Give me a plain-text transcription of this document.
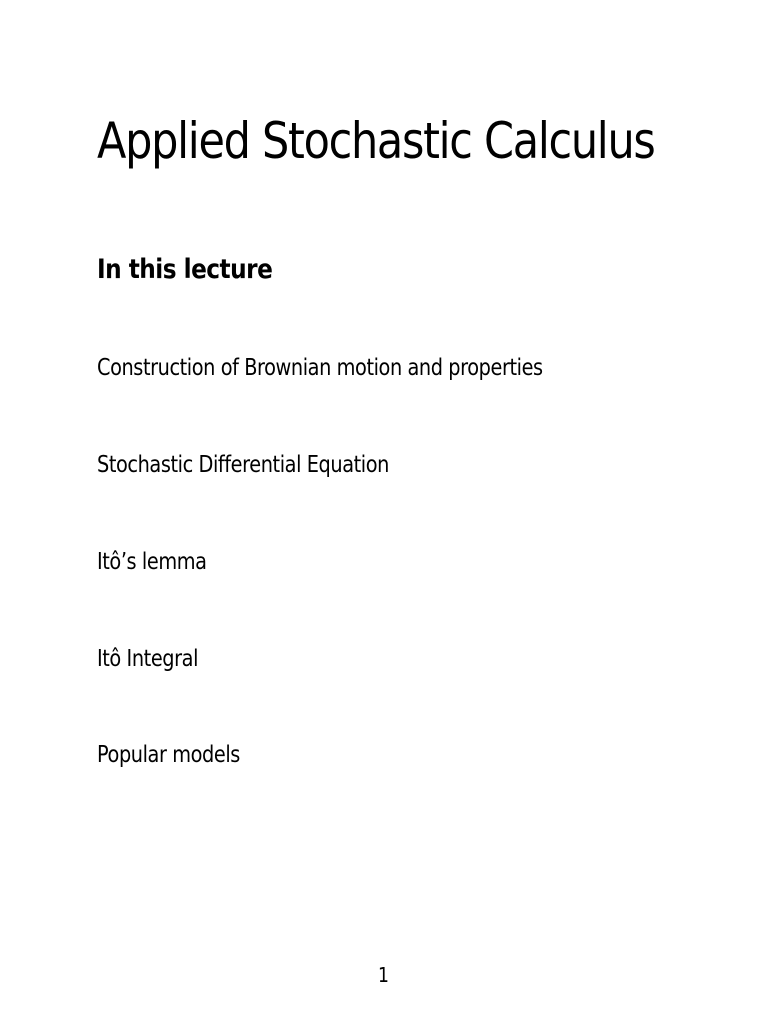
Applied Stochastic Calculus
In this lecture

Construction of Brownian motion and properties

Stochastic Differential Equation

Itô’s lemma

Itô Integral

Popular models

1
